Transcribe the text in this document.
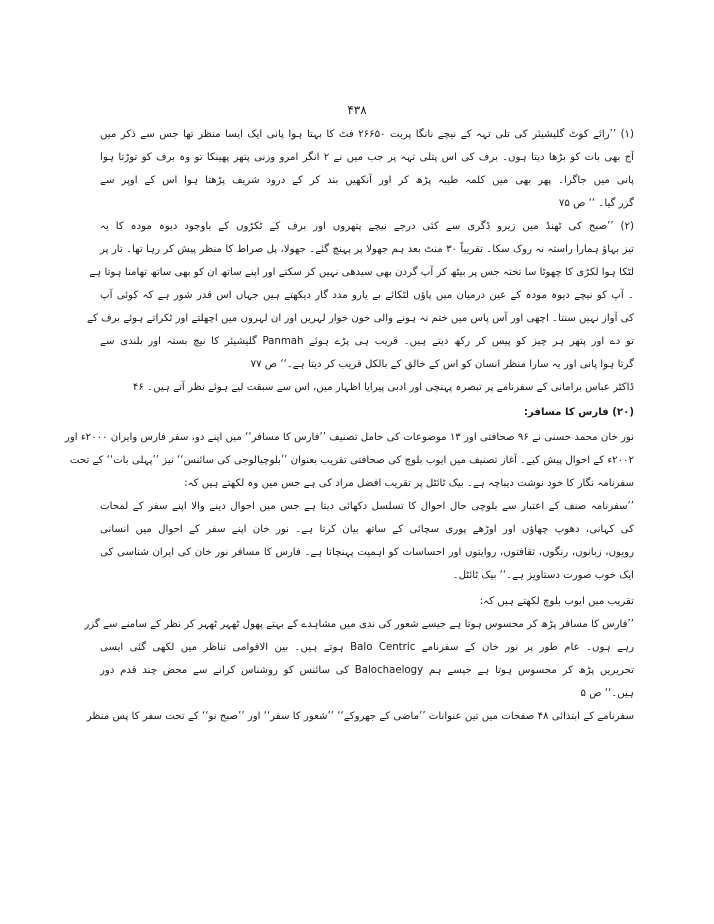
۴۳۸
(۱) ’’رائے کوٹ گلیشیئر کی تلی تہہ کے نیچے نانگا پربت ۲۶۶۵۰ فٹ کا بہتا ہوا پانی ایک ایسا منظر تھا جس سے ذکر میں
آج بھی بات کو بڑھا دیتا ہوں۔ برف کی اس پتلی تہہ پر جب میں نے ۲ انگر امرو وزنی پتھر پھینکا تو وہ برف کو توڑتا ہوا
پانی میں جاگرا۔ پھر بھی میں کلمہ طیبہ پڑھ کر اور آنکھیں بند کر کے درود شریف پڑھتا ہوا اس کے اوپر سے
گزر گیا۔ ‘‘ ص ۷۵
(۲) ’’صبح کی ٹھنڈ میں زیرو ڈگری سے کئی درجے نیچے پتھروں اور برف کے ٹکڑوں کے باوجود دیوہ مودہ کا یہ
تیز بہاؤ ہمارا راستہ نہ روک سکا۔ تقریباً ۳۰ منٹ بعد ہم جھولا پر پہنچ گئے۔ جھولا، پل صراط کا منظر پیش کر رہا تھا۔ تار پر
لٹکا ہوا لکڑی کا چھوٹا سا تختہ جس پر بیٹھ کر آپ گردن بھی سیدھی نہیں کر سکتے اور اپنے ساتھ ان کو بھی ساتھ تھامنا ہوتا ہے
۔ آپ کو نیچے دیوہ مودہ کے عین درمیان میں پاؤں لٹکائے بے یارو مدد گار دیکھتے ہیں جہاں اس قدر شور ہے کہ کوئی آپ
کی آواز نہیں سنتا۔ اچھی اور آس پاس میں ختم نہ ہونے والی خون خوار لہریں اور ان لہروں میں اچھلتے اور ٹکراتے ہوئے برف کے
تو دے اور پتھر ہر چیز کو پیس کر رکھ دیتے ہیں۔ قریب ہی پڑے ہوئے Panmah گلیشیئر کا نیچ بستہ اور بلندی سے
گرتا ہوا پانی اور یہ سارا منظر انسان کو اس کے خالق کے بالکل قریب کر دیتا ہے۔‘‘ ص ۷۷
ڈاکٹر عباس برامانی کے سفرنامے پر تبصرہ پہنچی اور ادبی پیرایا اظہار میں، اس سے سبقت لیے ہوئے نظر آتے ہیں۔ ۴۶
(۲۰) فارس کا مسافر:
نور خان محمد حسنی نے ۹۶ صحافتی اور ۱۳ موضوعات کی حامل تصنیف ’’فارس کا مسافر‘‘ میں اپنے دو، سفر فارس وایران ۲۰۰۰ء اور
۲۰۰۲ء کے احوال پیش کیے۔ آغاز تصنیف میں ایوب بلوچ کی صحافتی تقریب بعنوان ’’بلوچیالوجی کی سائنس‘‘ نیز ’’پہلی بات‘‘ کے تحت
سفرنامہ نگار کا خود نوشت دیباچہ ہے۔ بیک ٹائٹل پر تقریب افضل مراد کی ہے جس میں وہ لکھتے ہیں کہ:
’’سفرنامہ صنف کے اعتبار سے بلوچی حال احوال کا تسلسل دکھائی دیتا ہے جس میں احوال دینے والا اپنے سفر کے لمحات
کی کہانی، دھوپ چھاؤں اور اوڑھے پوری سچائی کے ساتھ بیان کرتا ہے۔ نور خان اپنے سفر کے احوال میں انسانی
رویوں، زبانوں، رنگوں، ثقافتوں، روایتوں اور احساسات کو اہمیت پہنچاتا ہے۔ فارس کا مسافر نور خان کی ایران شناسی کی
ایک خوب صورت دستاویز ہے۔‘‘ بیک ٹائٹل۔
تقریب میں ایوب بلوچ لکھتے ہیں کہ:
’’فارس کا مسافر پڑھ کر محسوس ہوتا ہے جیسے شعور کی ندی میں مشاہدے کے بہتے پھول ٹھہر ٹھہر کر نظر کے سامنے سے گزر
رہے ہوں۔ عام طور پر نور خان کے سفرنامے Balo Centric ہوتے ہیں۔ بین الاقوامی تناظر میں لکھی گئی ایسی
تحریریں پڑھ کر محسوس ہوتا ہے جیسے ہم Balochaelogy کی سائنس کو روشناس کرانے سے محض چند قدم دور
ہیں۔‘‘ ص ۵
سفرنامے کے ابتدائی ۴۸ صفحات میں تین عنوانات ’’ماضی کے جھروکے‘‘ ’’شعور کا سفر‘‘ اور ’’صبح نو‘‘ کے تحت سفر کا پس منظر
